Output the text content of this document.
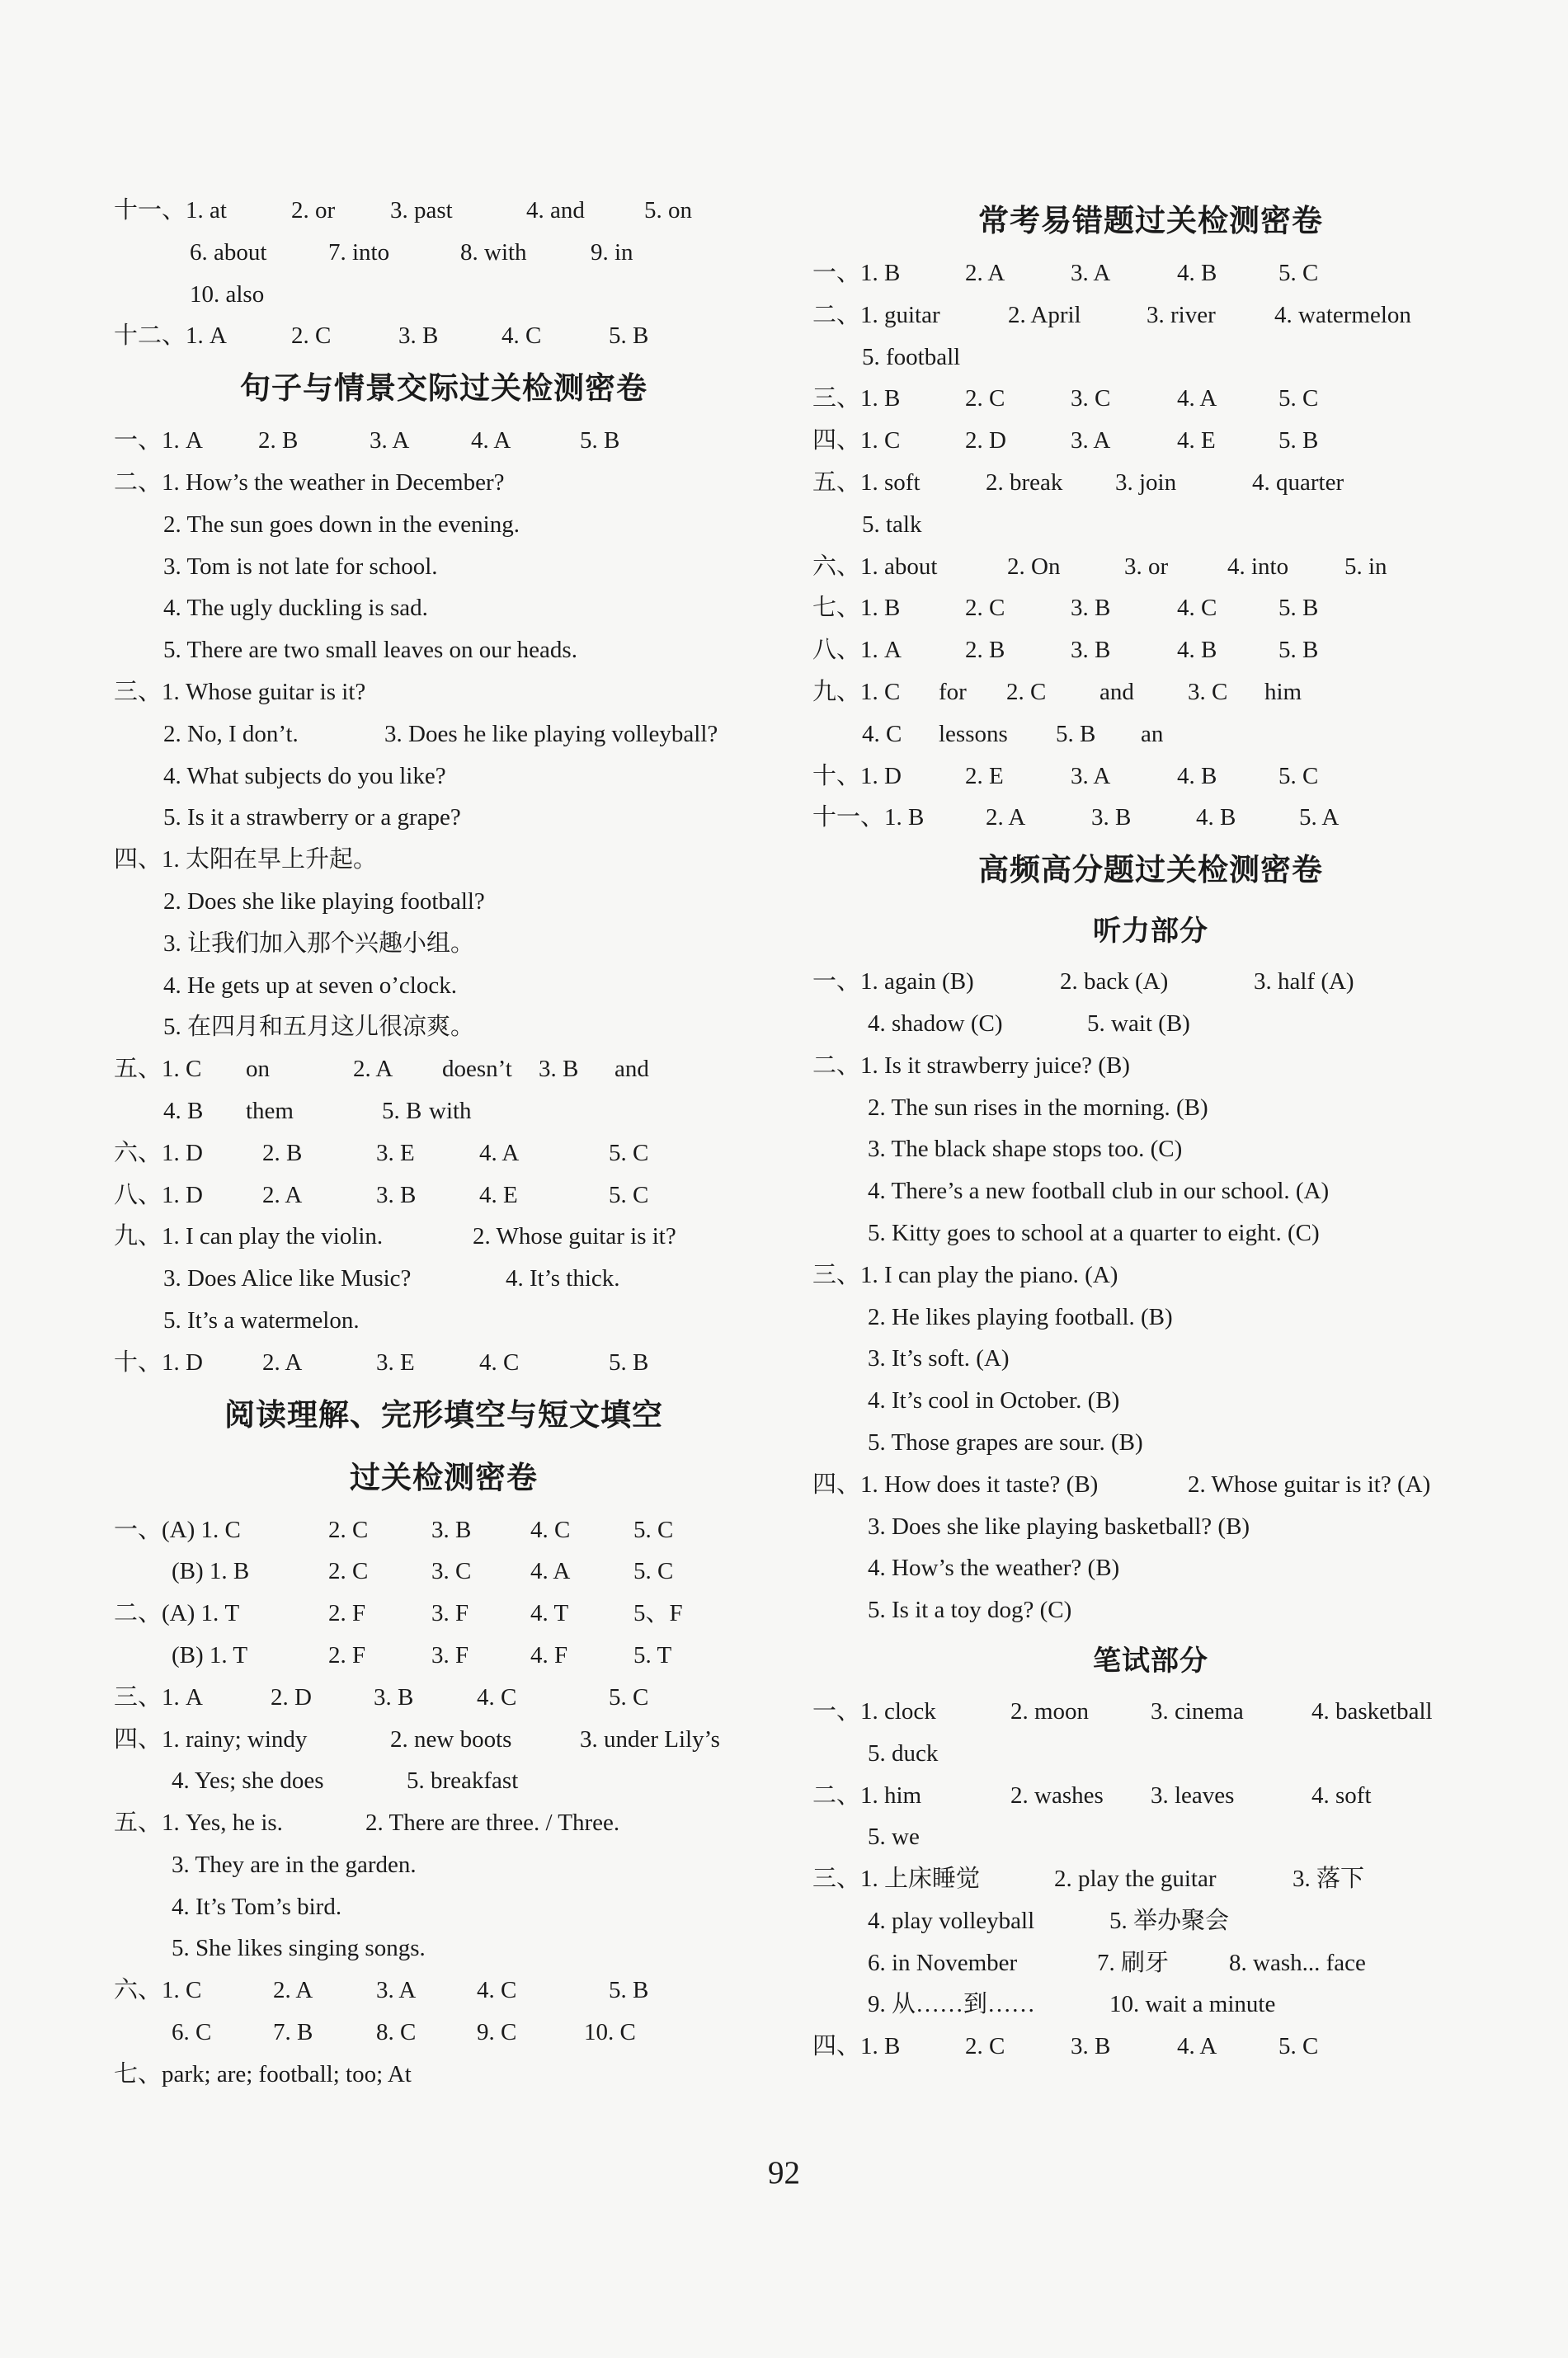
十一、1. at	2. or 3. past	4. and 5. on
6. about	7. into	8. with	9. in
10. also
十二、1. A	2. C	3. B	4. C	5. B
句子与情景交际过关检测密卷
一、1. A 2. B	3. A	4. A	5. B
二、1. How’s the weather in December?
2. The sun goes down in the evening.
3. Tom is not late for school.
4. The ugly duckling is sad.
5. There are two small leaves on our heads.
三、1. Whose guitar is it?
2. No, I don’t.	3. Does he like playing volleyball?
4. What subjects do you like?
5. Is it a strawberry or a grape?
四、1. 太阳在早上升起。
2. Does she like playing football?
3. 让我们加入那个兴趣小组。
4. He gets up at seven o’clock.
5. 在四月和五月这儿很凉爽。
五、1. C on	2. A doesn’t 3. B and
4. B them	5. B with
六、1. D 2. B	3. E	4. A	5. C
八、1. D 2. A	3. B	4. E	5. C
九、1. I can play the violin.	2. Whose guitar is it?
3. Does Alice like Music?	4. It’s thick.
5. It’s a watermelon.
十、1. D 2. A	3. E	4. C	5. B
阅读理解、完形填空与短文填空
过关检测密卷
一、(A) 1. C	2. C	3. B 4. C	5. C
(B) 1. B	2. C	3. C 4. A	5. C
二、(A) 1. T	2. F	3. F	4. T	5、F
(B) 1. T	2. F	3. F	4. F	5. T
三、1. A	2. D	3. B	4. C	5. C
四、1. rainy; windy	2. new boots	3. under Lily’s
4. Yes; she does	5. breakfast
五、1. Yes, he is.	2. There are three. / Three.
3. They are in the garden.
4. It’s Tom’s bird.
5. She likes singing songs.
六、1. C	2. A	3. A	4. C	5. B
6. C	7. B	8. C	9. C	10. C
七、park; are; football; too; At
常考易错题过关检测密卷
一、1. B	2. A	3. A	4. B	5. C
二、1. guitar	2. April	3. river 4. watermelon
5. football
三、1. B	2. C	3. C	4. A	5. C
四、1. C	2. D	3. A	4. E	5. B
五、1. soft	2. break 3. join	4. quarter
5. talk
六、1. about	2. On	3. or 4. into 5. in
七、1. B	2. C	3. B	4. C	5. B
八、1. A	2. B	3. B	4. B	5. B
九、1. C for 2. C and 3. C him
4. C lessons 5. B an
十、1. D	2. E	3. A	4. B	5. C
十一、1. B	2. A	3. B	4. B	5. A
高频高分题过关检测密卷
听力部分
一、1. again (B)	2. back (A)	3. half (A)
4. shadow (C)	5. wait (B)
二、1. Is it strawberry juice? (B)
2. The sun rises in the morning. (B)
3. The black shape stops too. (C)
4. There’s a new football club in our school. (A)
5. Kitty goes to school at a quarter to eight. (C)
三、1. I can play the piano. (A)
2. He likes playing football. (B)
3. It’s soft. (A)
4. It’s cool in October. (B)
5. Those grapes are sour. (B)
四、1. How does it taste? (B)	2. Whose guitar is it? (A)
3. Does she like playing basketball? (B)
4. How’s the weather? (B)
5. Is it a toy dog? (C)
笔试部分
一、1. clock	2. moon	3. cinema	4. basketball
5. duck
二、1. him	2. washes 3. leaves	4. soft
5. we
三、1. 上床睡觉	2. play the guitar	3. 落下
4. play volleyball	5. 举办聚会
6. in November	7. 刷牙	8. wash... face
9. 从……到……	10. wait a minute
四、1. B	2. C	3. B	4. A	5. C
92
